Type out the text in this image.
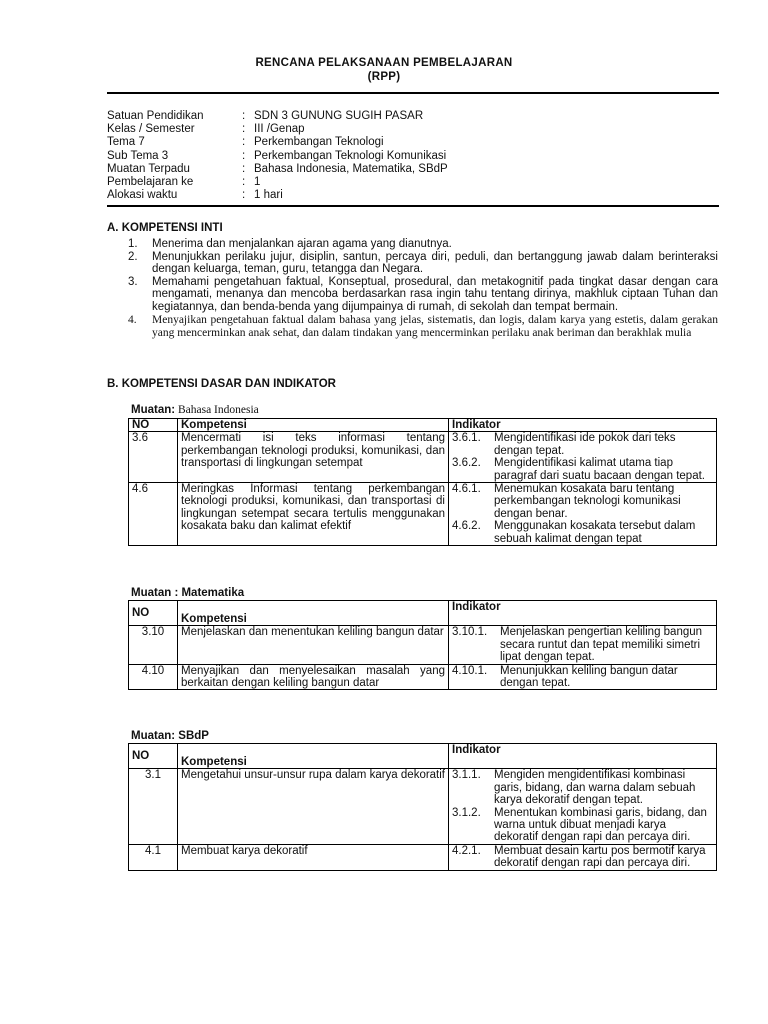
RENCANA PELAKSANAAN PEMBELAJARAN
(RPP)
Satuan Pendidikan	: SDN 3 GUNUNG SUGIH PASAR
Kelas / Semester	: III /Genap
Tema 7	: Perkembangan Teknologi
Sub Tema 3	: Perkembangan Teknologi Komunikasi
Muatan Terpadu	: Bahasa Indonesia, Matematika, SBdP
Pembelajaran ke	: 1
Alokasi waktu	: 1 hari
A. KOMPETENSI INTI
1. Menerima dan menjalankan ajaran agama yang dianutnya.
2. Menunjukkan perilaku jujur, disiplin, santun, percaya diri, peduli, dan bertanggung jawab dalam berinteraksi dengan keluarga, teman, guru, tetangga dan Negara.
3. Memahami pengetahuan faktual, Konseptual, prosedural, dan metakognitif pada tingkat dasar dengan cara mengamati, menanya dan mencoba berdasarkan rasa ingin tahu tentang dirinya, makhluk ciptaan Tuhan dan kegiatannya, dan benda-benda yang dijumpainya di rumah, di sekolah dan tempat bermain.
4. Menyajikan pengetahuan faktual dalam bahasa yang jelas, sistematis, dan logis, dalam karya yang estetis, dalam gerakan yang mencerminkan anak sehat, dan dalam tindakan yang mencerminkan perilaku anak beriman dan berakhlak mulia
B. KOMPETENSI DASAR DAN INDIKATOR
Muatan: Bahasa Indonesia
NO	Kompetensi	Indikator
3.6	Mencermati isi teks informasi tentang perkembangan teknologi produksi, komunikasi, dan transportasi di lingkungan setempat	3.6.1. Mengidentifikasi ide pokok dari teks dengan tepat.
3.6.2. Mengidentifikasi kalimat utama tiap paragraf dari suatu bacaan dengan tepat.

4.6	Meringkas Informasi tentang perkembangan teknologi produksi, komunikasi, dan transportasi di lingkungan setempat secara tertulis menggunakan kosakata baku dan kalimat efektif	4.6.1. Menemukan kosakata baru tentang perkembangan teknologi komunikasi dengan benar.
4.6.2. Menggunakan kosakata tersebut dalam sebuah kalimat dengan tepat
Muatan : Matematika
NO	Kompetensi	Indikator
3.10	Menjelaskan dan menentukan keliling bangun datar	3.10.1. Menjelaskan pengertian keliling bangun secara runtut dan tepat memiliki simetri lipat dengan tepat.

4.10	Menyajikan dan menyelesaikan masalah yang berkaitan dengan keliling bangun datar	4.10.1. Menunjukkan keliling bangun datar dengan tepat.
Muatan: SBdP
NO	Kompetensi	Indikator
3.1	Mengetahui unsur-unsur rupa dalam karya dekoratif	3.1.1. Mengiden mengidentifikasi kombinasi garis, bidang, dan warna dalam sebuah karya dekoratif dengan tepat.
3.1.2. Menentukan kombinasi garis, bidang, dan warna untuk dibuat menjadi karya dekoratif dengan rapi dan percaya diri.

4.1	Membuat karya dekoratif	4.2.1. Membuat desain kartu pos bermotif karya dekoratif dengan rapi dan percaya diri.
